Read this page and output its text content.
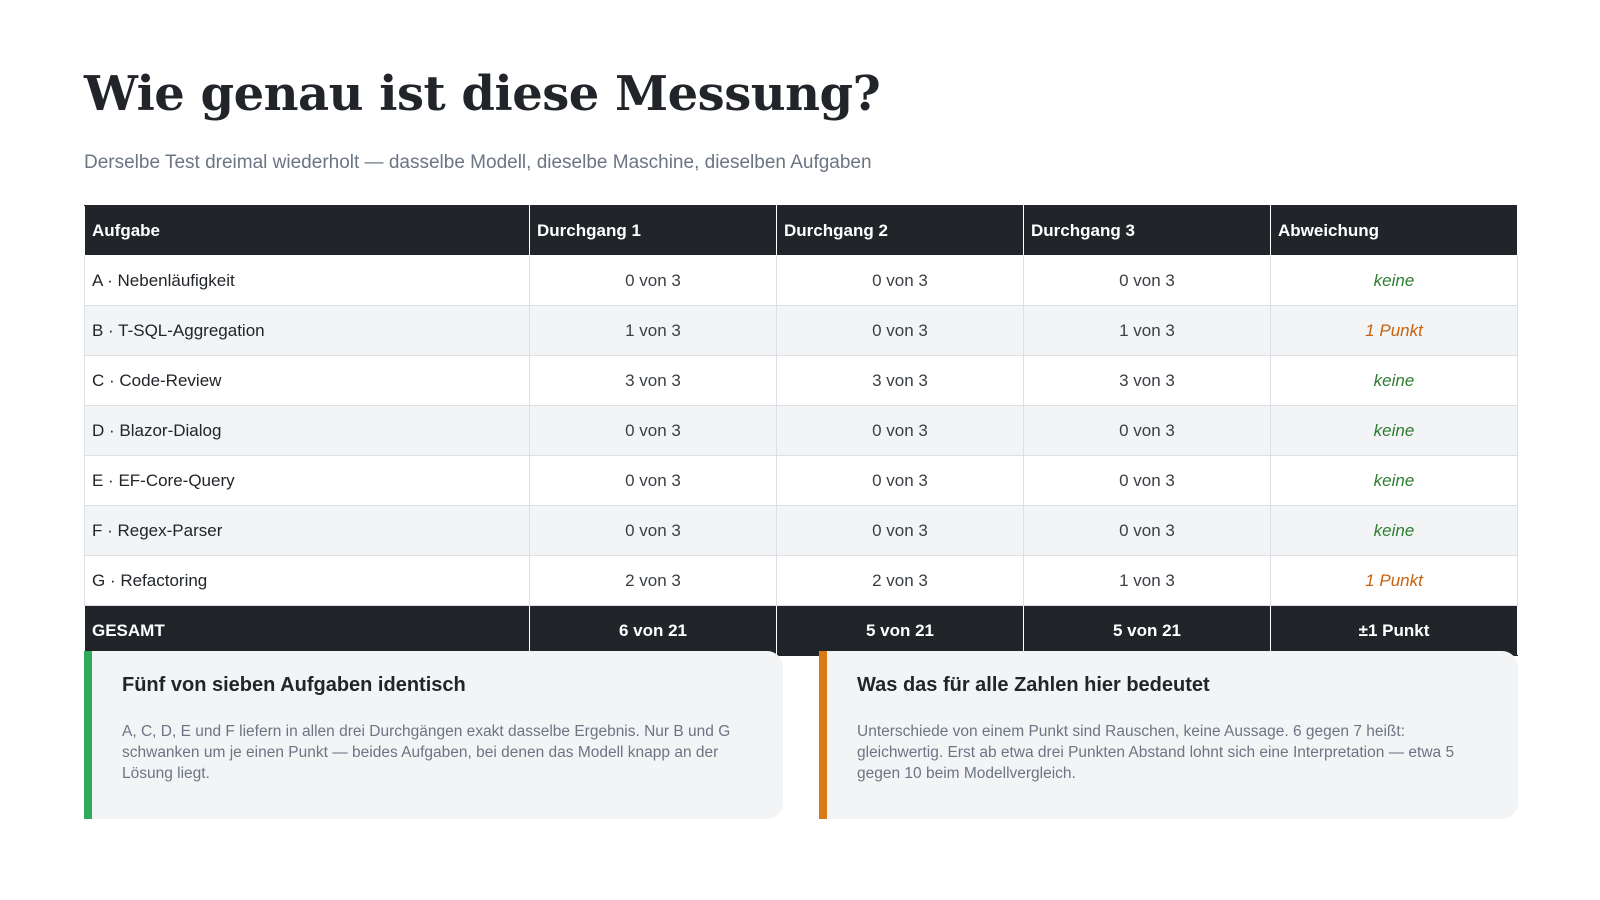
Wie genau ist diese Messung?

Derselbe Test dreimal wiederholt — dasselbe Modell, dieselbe Maschine, dieselben Aufgaben

Aufgabe	Durchgang 1	Durchgang 2	Durchgang 3	Abweichung
A · Nebenläufigkeit	0 von 3	0 von 3	0 von 3	keine
B · T-SQL-Aggregation	1 von 3	0 von 3	1 von 3	1 Punkt
C · Code-Review	3 von 3	3 von 3	3 von 3	keine
D · Blazor-Dialog	0 von 3	0 von 3	0 von 3	keine
E · EF-Core-Query	0 von 3	0 von 3	0 von 3	keine
F · Regex-Parser	0 von 3	0 von 3	0 von 3	keine
G · Refactoring	2 von 3	2 von 3	1 von 3	1 Punkt
GESAMT	6 von 21	5 von 21	5 von 21	±1 Punkt
Fünf von sieben Aufgaben identisch

A, C, D, E und F liefern in allen drei Durchgängen exakt dasselbe Ergebnis. Nur B und G schwanken um je einen Punkt — beides Aufgaben, bei denen das Modell knapp an der Lösung liegt.

Was das für alle Zahlen hier bedeutet

Unterschiede von einem Punkt sind Rauschen, keine Aussage. 6 gegen 7 heißt: gleichwertig. Erst ab etwa drei Punkten Abstand lohnt sich eine Interpretation — etwa 5 gegen 10 beim Modellvergleich.
